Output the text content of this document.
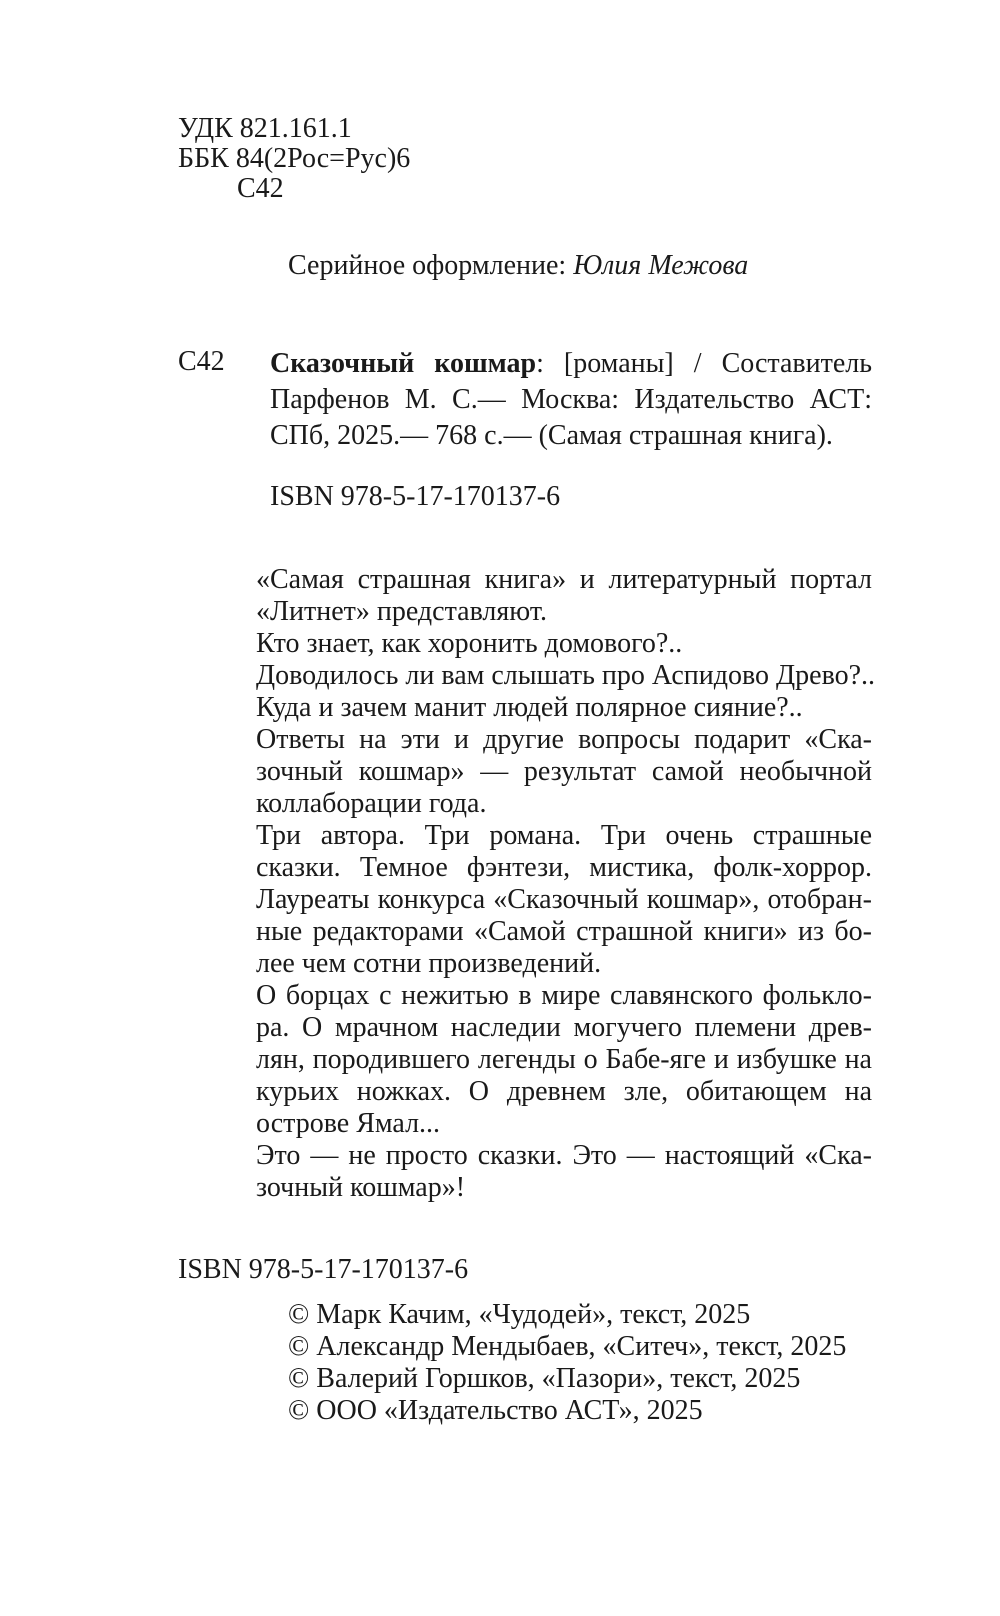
УДК 821.161.1
ББК 84(2Рос=Рус)6
С42
Серийное оформление: Юлия Межова
С42 Сказочный кошмар: [романы] / Составитель
Парфенов М. С.— Москва: Издательство АСТ:
СПб, 2025.— 768 с.— (Самая страшная книга).
ISBN 978-5-17-170137-6
«Самая страшная книга» и литературный портал
«Литнет» представляют.
Кто знает, как хоронить домового?..
Доводилось ли вам слышать про Аспидово Древо?..
Куда и зачем манит людей полярное сияние?..
Ответы на эти и другие вопросы подарит «Ска-
зочный кошмар» — результат самой необычной
коллаборации года.
Три автора. Три романа. Три очень страшные
сказки. Темное фэнтези, мистика, фолк-хоррор.
Лауреаты конкурса «Сказочный кошмар», отобран-
ные редакторами «Самой страшной книги» из бо-
лее чем сотни произведений.
О борцах с нежитью в мире славянского фолькло-
ра. О мрачном наследии могучего племени древ-
лян, породившего легенды о Бабе-яге и избушке на
курьих ножках. О древнем зле, обитающем на
острове Ямал...
Это — не просто сказки. Это — настоящий «Ска-
зочный кошмар»!
ISBN 978-5-17-170137-6
© Марк Качим, «Чудодей», текст, 2025
© Александр Мендыбаев, «Ситеч», текст, 2025
© Валерий Горшков, «Пазори», текст, 2025
© ООО «Издательство АСТ», 2025
